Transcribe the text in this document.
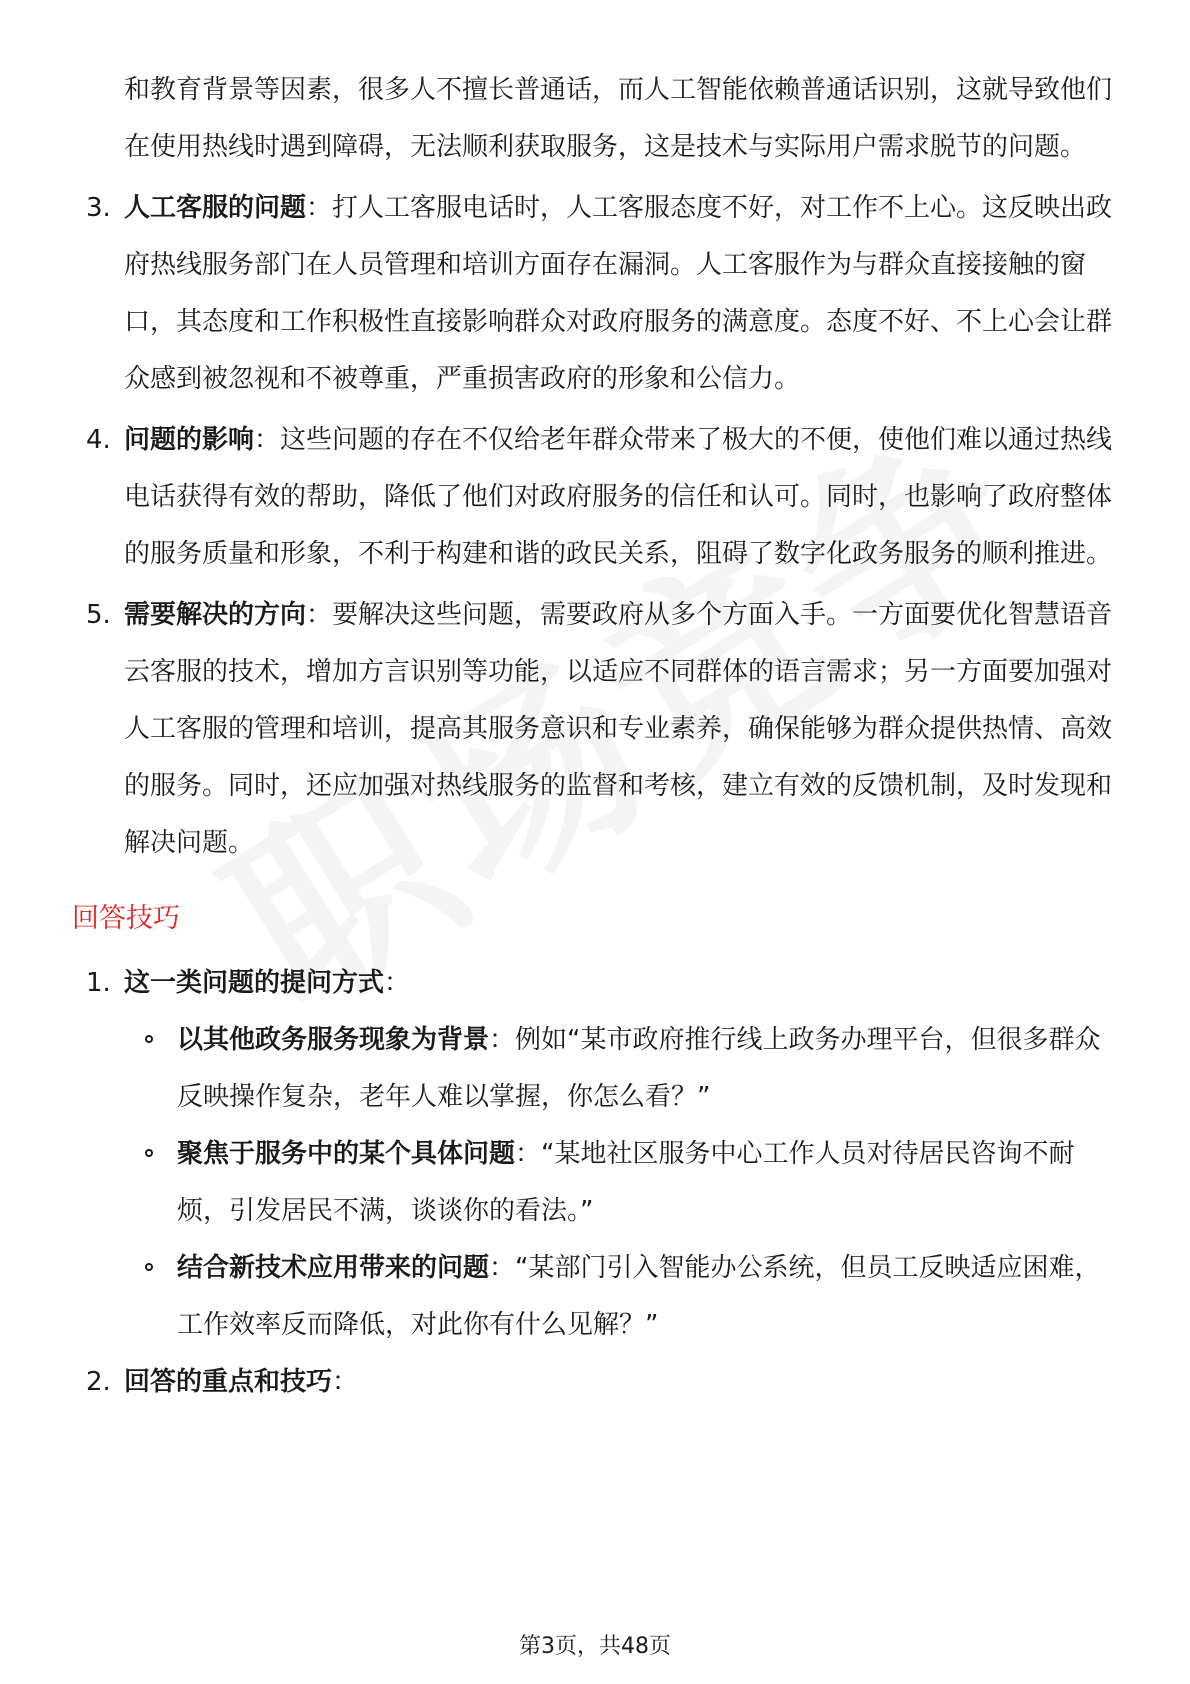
和教育背景等因素，很多人不擅长普通话，而人工智能依赖普通话识别，这就导致他们在使用热线时遇到障碍，无法顺利获取服务，这是技术与实际用户需求脱节的问题。
3. 人工客服的问题：打人工客服电话时，人工客服态度不好，对工作不上心。这反映出政府热线服务部门在人员管理和培训方面存在漏洞。人工客服作为与群众直接接触的窗口，其态度和工作积极性直接影响群众对政府服务的满意度。态度不好、不上心会让群众感到被忽视和不被尊重，严重损害政府的形象和公信力。
4. 问题的影响：这些问题的存在不仅给老年群众带来了极大的不便，使他们难以通过热线电话获得有效的帮助，降低了他们对政府服务的信任和认可。同时，也影响了政府整体的服务质量和形象，不利于构建和谐的政民关系，阻碍了数字化政务服务的顺利推进。
5. 需要解决的方向：要解决这些问题，需要政府从多个方面入手。一方面要优化智慧语音云客服的技术，增加方言识别等功能，以适应不同群体的语言需求；另一方面要加强对人工客服的管理和培训，提高其服务意识和专业素养，确保能够为群众提供热情、高效的服务。同时，还应加强对热线服务的监督和考核，建立有效的反馈机制，及时发现和解决问题。
回答技巧
1. 这一类问题的提问方式：
以其他政务服务现象为背景：例如“某市政府推行线上政务办理平台，但很多群众反映操作复杂，老年人难以掌握，你怎么看？”
聚焦于服务中的某个具体问题：“某地社区服务中心工作人员对待居民咨询不耐烦，引发居民不满，谈谈你的看法。”
结合新技术应用带来的问题：“某部门引入智能办公系统，但员工反映适应困难，工作效率反而降低，对此你有什么见解？”
2. 回答的重点和技巧：
第3页，共48页
